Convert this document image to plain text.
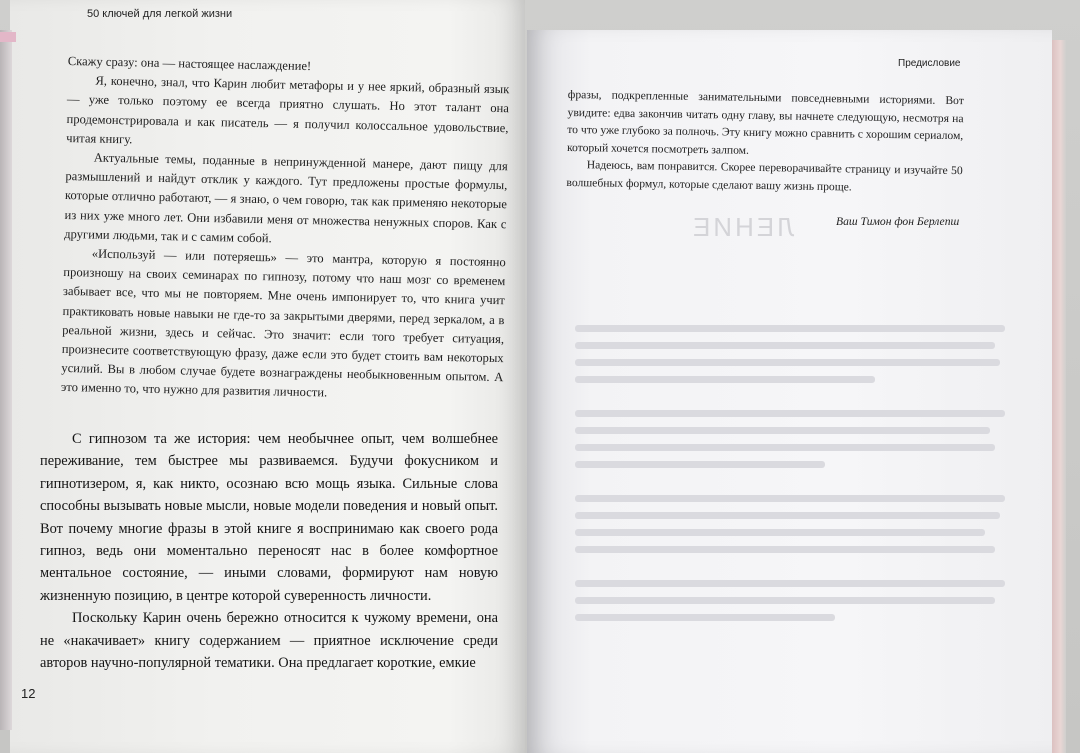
50 ключей для легкой жизни

Скажу сразу: она — настоящее наслаждение!

Я, конечно, знал, что Карин любит метафоры и у нее яркий, образный язык — уже только поэтому ее всегда приятно слушать. Но этот талант она продемонстрировала и как писатель — я получил колоссальное удовольствие, читая книгу.

Актуальные темы, поданные в непринужденной манере, дают пищу для размышлений и найдут отклик у каждого. Тут предложены простые формулы, которые отлично работают, — я знаю, о чем говорю, так как применяю некоторые из них уже много лет. Они избавили меня от множества ненужных споров. Как с другими людьми, так и с самим собой.

«Используй — или потеряешь» — это мантра, которую я постоянно произношу на своих семинарах по гипнозу, потому что наш мозг со временем забывает все, что мы не повторяем. Мне очень импонирует то, что книга учит практиковать новые навыки не где-то за закрытыми дверями, перед зеркалом, а в реальной жизни, здесь и сейчас. Это значит: если того требует ситуация, произнесите соответствующую фразу, даже если это будет стоить вам некоторых усилий. Вы в любом случае будете вознаграждены необыкновенным опытом. А это именно то, что нужно для развития личности.

С гипнозом та же история: чем необычнее опыт, чем волшебнее переживание, тем быстрее мы развиваемся. Будучи фокусником и гипнотизером, я, как никто, осознаю всю мощь языка. Сильные слова способны вызывать новые мысли, новые модели поведения и новый опыт. Вот почему многие фразы в этой книге я воспринимаю как своего рода гипноз, ведь они моментально переносят нас в более комфортное ментальное состояние, — иными словами, формируют нам новую жизненную позицию, в центре которой суверенность личности.

Поскольку Карин очень бережно относится к чужому времени, она не «накачивает» книгу содержанием — приятное исключение среди авторов научно-популярной тематики. Она предлагает короткие, емкие

12
Предисловие

фразы, подкрепленные занимательными повседневными историями. Вот увидите: едва закончив читать одну главу, вы начнете следующую, несмотря на то что уже глубоко за полночь. Эту книгу можно сравнить с хорошим сериалом, который хочется посмотреть залпом.

Надеюсь, вам понравится. Скорее переворачивайте страницу и изучайте 50 волшебных формул, которые сделают вашу жизнь проще.

Ваш Тимон фон Берлепш
ЛЕНИЕ
